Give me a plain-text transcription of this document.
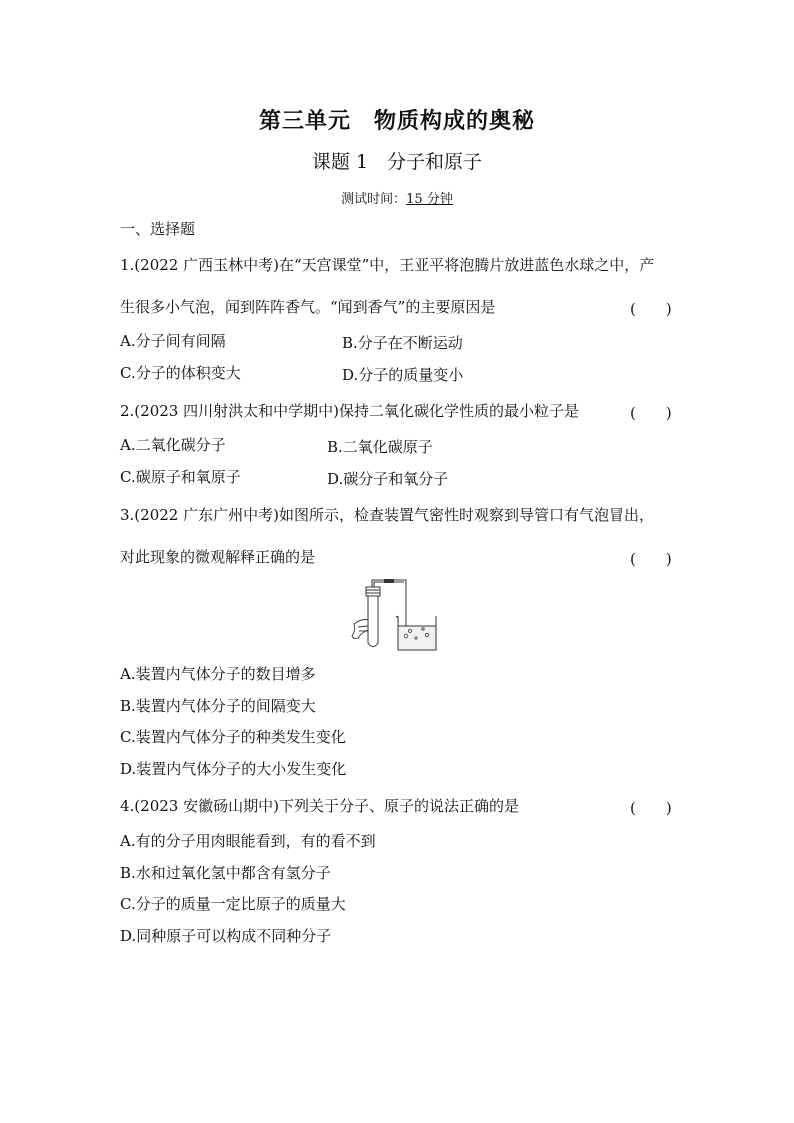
第三单元　物质构成的奥秘
课题 1　分子和原子
测试时间：15 分钟
一、选择题
1.(2022 广西玉林中考)在“天宫课堂”中，王亚平将泡腾片放进蓝色水球之中，产
生很多小气泡，闻到阵阵香气。“闻到香气”的主要原因是	(　　)
A.分子间有间隔	B.分子在不断运动
C.分子的体积变大	D.分子的质量变小
2.(2023 四川射洪太和中学期中)保持二氧化碳化学性质的最小粒子是	(　　)
A.二氧化碳分子	B.二氧化碳原子
C.碳原子和氧原子	D.碳分子和氧分子
3.(2022 广东广州中考)如图所示，检查装置气密性时观察到导管口有气泡冒出，
对此现象的微观解释正确的是	(　　)
A.装置内气体分子的数目增多
B.装置内气体分子的间隔变大
C.装置内气体分子的种类发生变化
D.装置内气体分子的大小发生变化
4.(2023 安徽砀山期中)下列关于分子、原子的说法正确的是	(　　)
A.有的分子用肉眼能看到，有的看不到
B.水和过氧化氢中都含有氢分子
C.分子的质量一定比原子的质量大
D.同种原子可以构成不同种分子
